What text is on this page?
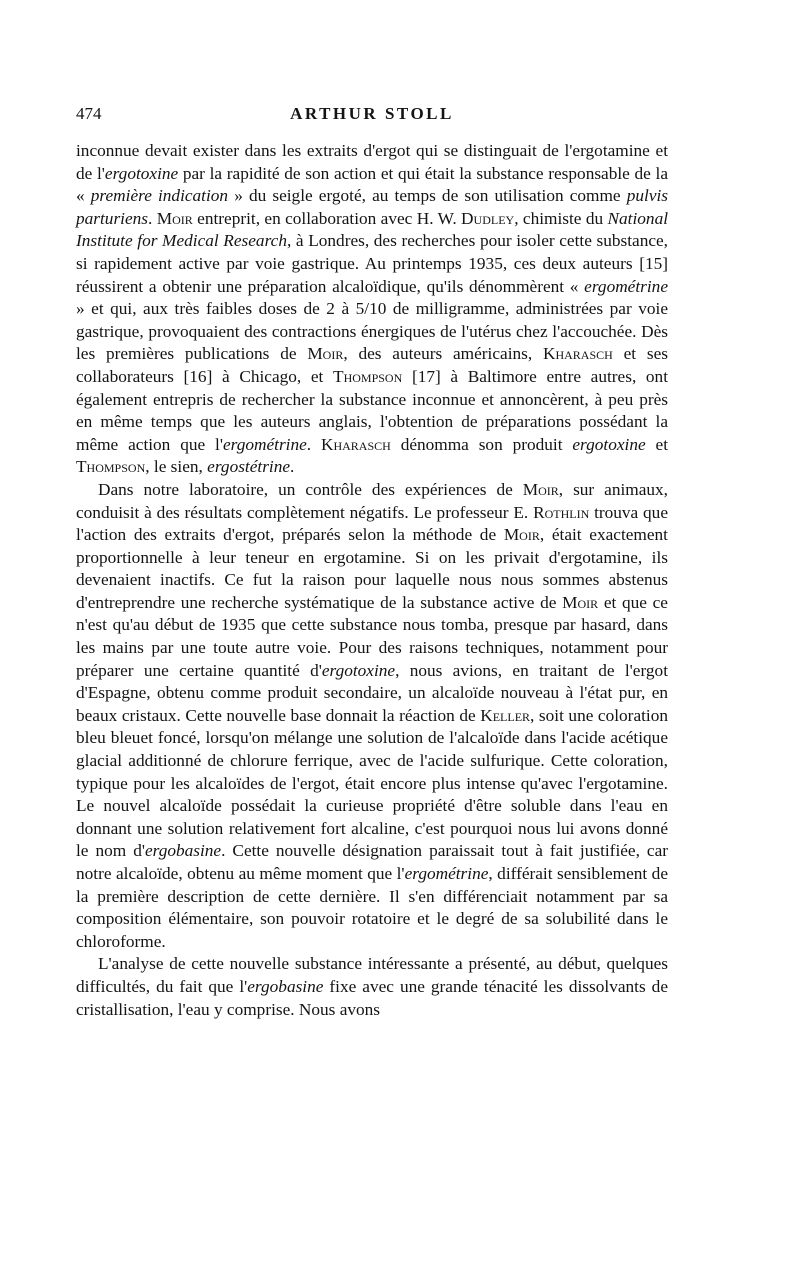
474	ARTHUR STOLL

inconnue devait exister dans les extraits d'ergot qui se distinguait de l'ergotamine et de l'ergotoxine par la rapidité de son action et qui était la substance responsable de la « première indication » du seigle ergoté, au temps de son utilisation comme pulvis parturiens. Moir entreprit, en collaboration avec H. W. Dudley, chimiste du National Institute for Medical Research, à Londres, des recherches pour isoler cette substance, si rapidement active par voie gastrique. Au printemps 1935, ces deux auteurs [15] réussirent a obtenir une préparation alcaloïdique, qu'ils dénommèrent « ergométrine » et qui, aux très faibles doses de 2 à 5/10 de milligramme, administrées par voie gastrique, provoquaient des contractions énergiques de l'utérus chez l'accouchée. Dès les premières publications de Moir, des auteurs américains, Kharasch et ses collaborateurs [16] à Chicago, et Thompson [17] à Baltimore entre autres, ont également entrepris de rechercher la substance inconnue et annoncèrent, à peu près en même temps que les auteurs anglais, l'obtention de préparations possédant la même action que l'ergométrine. Kharasch dénomma son produit ergotoxine et Thompson, le sien, ergostétrine.

Dans notre laboratoire, un contrôle des expériences de Moir, sur animaux, conduisit à des résultats complètement négatifs. Le professeur E. Rothlin trouva que l'action des extraits d'ergot, préparés selon la méthode de Moir, était exactement proportionnelle à leur teneur en ergotamine. Si on les privait d'ergotamine, ils devenaient inactifs. Ce fut la raison pour laquelle nous nous sommes abstenus d'entreprendre une recherche systématique de la substance active de Moir et que ce n'est qu'au début de 1935 que cette substance nous tomba, presque par hasard, dans les mains par une toute autre voie. Pour des raisons techniques, notamment pour préparer une certaine quantité d'ergotoxine, nous avions, en traitant de l'ergot d'Espagne, obtenu comme produit secondaire, un alcaloïde nouveau à l'état pur, en beaux cristaux. Cette nouvelle base donnait la réaction de Keller, soit une coloration bleu bleuet foncé, lorsqu'on mélange une solution de l'alcaloïde dans l'acide acétique glacial additionné de chlorure ferrique, avec de l'acide sulfurique. Cette coloration, typique pour les alcaloïdes de l'ergot, était encore plus intense qu'avec l'ergotamine. Le nouvel alcaloïde possédait la curieuse propriété d'être soluble dans l'eau en donnant une solution relativement fort alcaline, c'est pourquoi nous lui avons donné le nom d'ergobasine. Cette nouvelle désignation paraissait tout à fait justifiée, car notre alcaloïde, obtenu au même moment que l'ergométrine, différait sensiblement de la première description de cette dernière. Il s'en différenciait notamment par sa composition élémentaire, son pouvoir rotatoire et le degré de sa solubilité dans le chloroforme.

L'analyse de cette nouvelle substance intéressante a présenté, au début, quelques difficultés, du fait que l'ergobasine fixe avec une grande ténacité les dissolvants de cristallisation, l'eau y comprise. Nous avons
